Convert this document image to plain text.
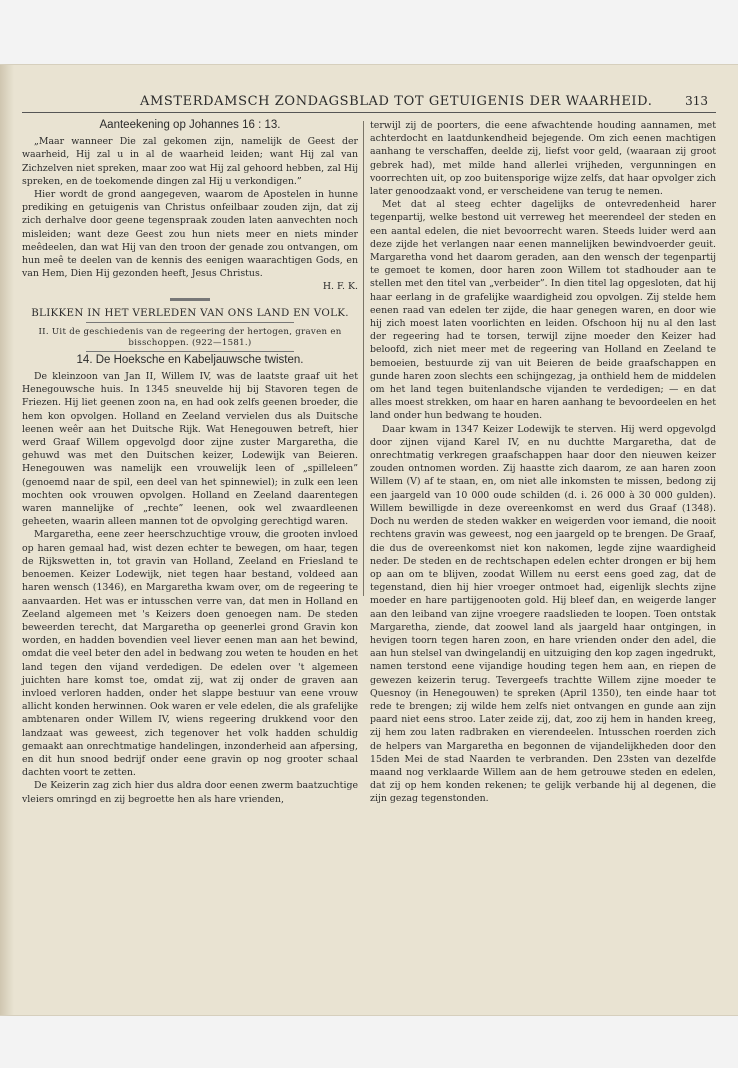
AMSTERDAMSCH ZONDAGSBLAD TOT GETUIGENIS DER WAARHEID.	313
Aanteekening op Johannes 16 : 13.

„Maar wanneer Die zal gekomen zijn, namelijk de Geest der waarheid, Hij zal u in al de waarheid leiden; want Hij zal van Zichzelven niet spreken, maar zoo wat Hij zal gehoord hebben, zal Hij spreken, en de toekomende dingen zal Hij u verkondigen.”

Hier wordt de grond aangegeven, waarom de Apostelen in hunne prediking en getuigenis van Christus onfeilbaar zouden zijn, dat zij zich derhalve door geene tegenspraak zouden laten aanvechten noch misleiden; want deze Geest zou hun niets meer en niets minder meêdeelen, dan wat Hij van den troon der genade zou ontvangen, om hun meê te deelen van de kennis des eenigen waarachtigen Gods, en van Hem, Dien Hij gezonden heeft, Jesus Christus.

H. F. K.
BLIKKEN IN HET VERLEDEN VAN ONS LAND EN VOLK.
II. Uit de geschiedenis van de regeering der hertogen, graven en bisschoppen. (922—1581.)
14. De Hoeksche en Kabeljauwsche twisten.

De kleinzoon van Jan II, Willem IV, was de laatste graaf uit het Henegouwsche huis. In 1345 sneuvelde hij bij Stavoren tegen de Friezen. Hij liet geenen zoon na, en had ook zelfs geenen broeder, die hem kon opvolgen. Holland en Zeeland vervielen dus als Duitsche leenen weêr aan het Duitsche Rijk. Wat Henegouwen betreft, hier werd Graaf Willem opgevolgd door zijne zuster Margaretha, die gehuwd was met den Duitschen keizer, Lodewijk van Beieren. Henegouwen was namelijk een vrouwelijk leen of „spilleleen” (genoemd naar de spil, een deel van het spinnewiel); in zulk een leen mochten ook vrouwen opvolgen. Holland en Zeeland daarentegen waren mannelijke of „rechte” leenen, ook wel zwaardleenen geheeten, waarin alleen mannen tot de opvolging gerechtigd waren.

Margaretha, eene zeer heerschzuchtige vrouw, die grooten invloed op haren gemaal had, wist dezen echter te bewegen, om haar, tegen de Rijkswetten in, tot gravin van Holland, Zeeland en Friesland te benoemen. Keizer Lodewijk, niet tegen haar bestand, voldeed aan haren wensch (1346), en Margaretha kwam over, om de regeering te aanvaarden. Het was er intusschen verre van, dat men in Holland en Zeeland algemeen met 's Keizers doen genoegen nam. De steden beweerden terecht, dat Margaretha op geenerlei grond Gravin kon worden, en hadden bovendien veel liever eenen man aan het bewind, omdat die veel beter den adel in bedwang zou weten te houden en het land tegen den vijand verdedigen. De edelen over 't algemeen juichten hare komst toe, omdat zij, wat zij onder de graven aan invloed verloren hadden, onder het slappe bestuur van eene vrouw allicht konden herwinnen. Ook waren er vele edelen, die als grafelijke ambtenaren onder Willem IV, wiens regeering drukkend voor den landzaat was geweest, zich tegenover het volk hadden schuldig gemaakt aan onrechtmatige handelingen, inzonderheid aan afpersing, en dit hun snood bedrijf onder eene gravin op nog grooter schaal dachten voort te zetten.

De Keizerin zag zich hier dus aldra door eenen zwerm baatzuchtige vleiers omringd en zij begroette hen als hare vrienden,

terwijl zij de poorters, die eene afwachtende houding aannamen, met achterdocht en laatdunkendheid bejegende. Om zich eenen machtigen aanhang te verschaffen, deelde zij, liefst voor geld, (waaraan zij groot gebrek had), met milde hand allerlei vrijheden, vergunningen en voorrechten uit, op zoo buitensporige wijze zelfs, dat haar opvolger zich later genoodzaakt vond, er verscheidene van terug te nemen.

Met dat al steeg echter dagelijks de ontevredenheid harer tegenpartij, welke bestond uit verreweg het meerendeel der steden en een aantal edelen, die niet bevoorrecht waren. Steeds luider werd aan deze zijde het verlangen naar eenen mannelijken bewindvoerder geuit. Margaretha vond het daarom geraden, aan den wensch der tegenpartij te gemoet te komen, door haren zoon Willem tot stadhouder aan te stellen met den titel van „verbeider”. In dien titel lag opgesloten, dat hij haar eerlang in de grafelijke waardigheid zou opvolgen. Zij stelde hem eenen raad van edelen ter zijde, die haar genegen waren, en door wie hij zich moest laten voorlichten en leiden. Ofschoon hij nu al den last der regeering had te torsen, terwijl zijne moeder den Keizer had beloofd, zich niet meer met de regeering van Holland en Zeeland te bemoeien, bestuurde zij van uit Beieren de beide graafschappen en gunde haren zoon slechts een schijngezag, ja onthield hem de middelen om het land tegen buitenlandsche vijanden te verdedigen; — en dat alles moest strekken, om haar en haren aanhang te bevoordeelen en het land onder hun bedwang te houden.

Daar kwam in 1347 Keizer Lodewijk te sterven. Hij werd opgevolgd door zijnen vijand Karel IV, en nu duchtte Margaretha, dat de onrechtmatig verkregen graafschappen haar door den nieuwen keizer zouden ontnomen worden. Zij haastte zich daarom, ze aan haren zoon Willem (V) af te staan, en, om niet alle inkomsten te missen, bedong zij een jaargeld van 10 000 oude schilden (d. i. 26 000 à 30 000 gulden). Willem bewilligde in deze overeenkomst en werd dus Graaf (1348). Doch nu werden de steden wakker en weigerden voor iemand, die nooit rechtens gravin was geweest, nog een jaargeld op te brengen. De Graaf, die dus de overeenkomst niet kon nakomen, legde zijne waardigheid neder. De steden en de rechtschapen edelen echter drongen er bij hem op aan om te blijven, zoodat Willem nu eerst eens goed zag, dat de tegenstand, dien hij hier vroeger ontmoet had, eigenlijk slechts zijne moeder en hare partijgenooten gold. Hij bleef dan, en weigerde langer aan den leiband van zijne vroegere raadslieden te loopen. Toen ontstak Margaretha, ziende, dat zoowel land als jaargeld haar ontgingen, in hevigen toorn tegen haren zoon, en hare vrienden onder den adel, die aan hun stelsel van dwingelandij en uitzuiging den kop zagen ingedrukt, namen terstond eene vijandige houding tegen hem aan, en riepen de gewezen keizerin terug. Tevergeefs trachtte Willem zijne moeder te Quesnoy (in Henegouwen) te spreken (April 1350), ten einde haar tot rede te brengen; zij wilde hem zelfs niet ontvangen en gunde aan zijn paard niet eens stroo. Later zeide zij, dat, zoo zij hem in handen kreeg, zij hem zou laten radbraken en vierendeelen. Intusschen roerden zich de helpers van Margaretha en begonnen de vijandelijkheden door den 15den Mei de stad Naarden te verbranden. Den 23sten van dezelfde maand nog verklaarde Willem aan de hem getrouwe steden en edelen, dat zij op hem konden rekenen; te gelijk verbande hij al degenen, die zijn gezag tegenstonden.
